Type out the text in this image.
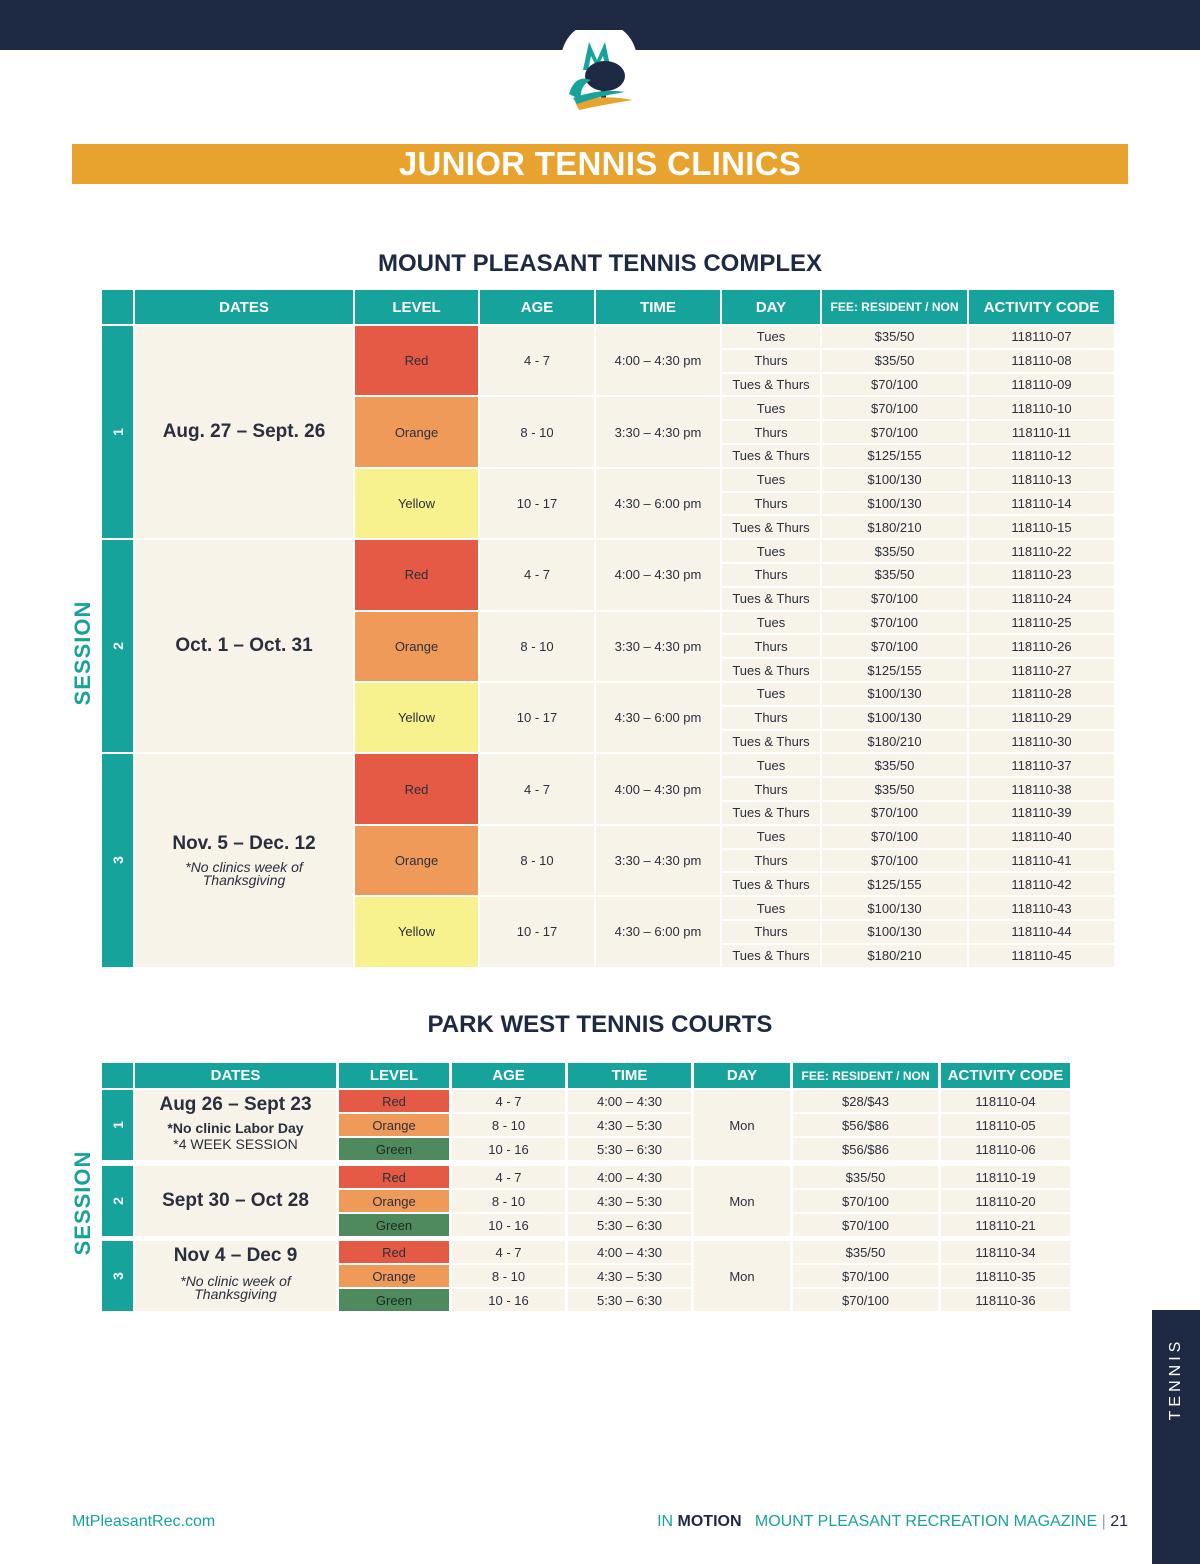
JUNIOR TENNIS CLINICS
MOUNT PLEASANT TENNIS COMPLEX
SESSION
DATES	LEVEL	AGE	TIME	DAY	FEE: RESIDENT / NON	ACTIVITY CODE
1 Aug. 27 – Sept. 26
Red	4 - 7	4:00 – 4:30 pm
Tues	$35/50	118110-07
Thurs	$35/50	118110-08
Tues & Thurs	$70/100	118110-09
Orange	8 - 10	3:30 – 4:30 pm
Tues	$70/100	118110-10
Thurs	$70/100	118110-11
Tues & Thurs	$125/155	118110-12
Yellow	10 - 17	4:30 – 6:00 pm
Tues	$100/130	118110-13
Thurs	$100/130	118110-14
Tues & Thurs	$180/210	118110-15
2	Oct. 1 – Oct. 31
Red	4 - 7	4:00 – 4:30 pm
Tues	$35/50	118110-22
Thurs	$35/50	118110-23
Tues & Thurs	$70/100	118110-24
Orange	8 - 10	3:30 – 4:30 pm
Tues	$70/100	118110-25
Thurs	$70/100	118110-26
Tues & Thurs	$125/155	118110-27
Yellow	10 - 17	4:30 – 6:00 pm
Tues	$100/130	118110-28
Thurs	$100/130	118110-29
Tues & Thurs	$180/210	118110-30
3
Nov. 5 – Dec. 12
*No clinics week of Thanksgiving
Red	4 - 7	4:00 – 4:30 pm
Tues	$35/50	118110-37
Thurs	$35/50	118110-38
Tues & Thurs	$70/100	118110-39
Orange	8 - 10	3:30 – 4:30 pm
Tues	$70/100	118110-40
Thurs	$70/100	118110-41
Tues & Thurs	$125/155	118110-42
Yellow	10 - 17	4:30 – 6:00 pm
Tues	$100/130	118110-43
Thurs	$100/130	118110-44
Tues & Thurs	$180/210	118110-45
PARK WEST TENNIS COURTS
SESSION
DATES	LEVEL	AGE	TIME	DAY	FEE: RESIDENT / NON	ACTIVITY CODE
1
Aug 26 – Sept 23
*No clinic Labor Day
*4 WEEK SESSION
Mon
Red	4 - 7	4:00 – 4:30	$28/$43	118110-04
Orange	8 - 10	4:30 – 5:30	$56/$86	118110-05
Green	10 - 16	5:30 – 6:30	$56/$86	118110-06
2 Sept 30 – Oct 28	Mon
Red	4 - 7	4:00 – 4:30	$35/50	118110-19
Orange	8 - 10	4:30 – 5:30	$70/100	118110-20
Green	10 - 16	5:30 – 6:30	$70/100	118110-21
3
Nov 4 – Dec 9
*No clinic week of Thanksgiving
Mon
Red	4 - 7	4:00 – 4:30	$35/50	118110-34
Orange	8 - 10	4:30 – 5:30	$70/100	118110-35
Green	10 - 16	5:30 – 6:30	$70/100	118110-36
MtPleasantRec.com	IN MOTION MOUNT PLEASANT RECREATION MAGAZINE | 21
TENNIS
